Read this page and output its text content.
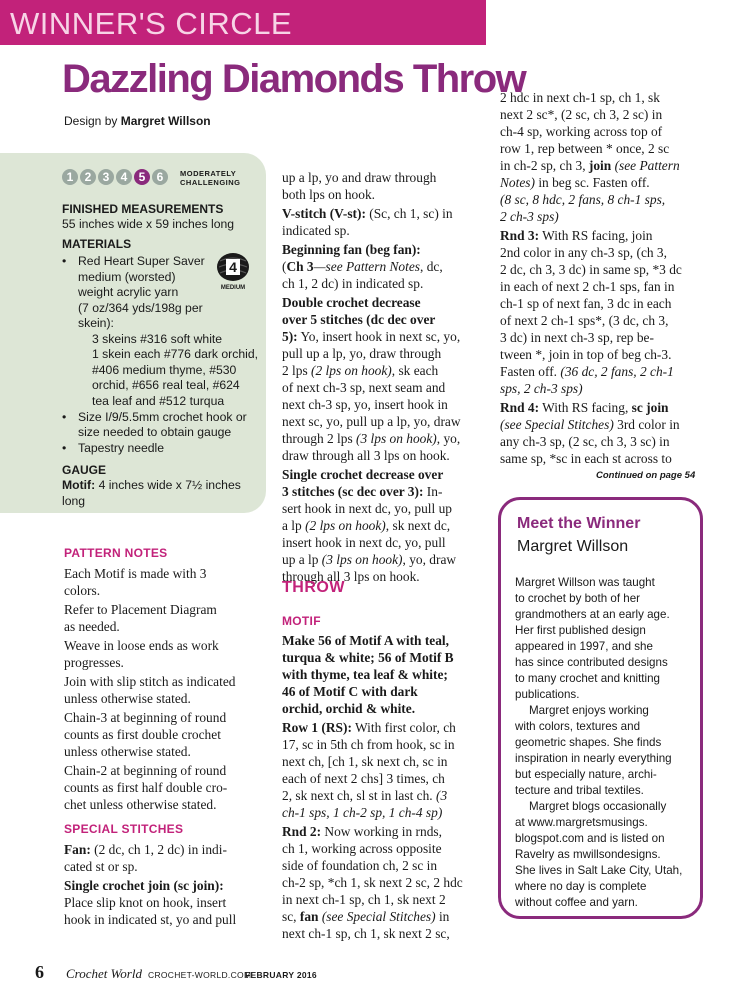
WINNER'S CIRCLE
Dazzling Diamonds Throw
Design by Margret Willson
1 2 3 4 5 6	MODERATELY
CHALLENGING
FINISHED MEASUREMENTS
55 inches wide x 59 inches long
MATERIALS
4
MEDIUM
• Red Heart Super Saver
medium (worsted)
weight acrylic yarn
(7 oz/364 yds/198g per
skein):
3 skeins #316 soft white
1 skein each #776 dark orchid,
#406 medium thyme, #530
orchid, #656 real teal, #624
tea leaf and #512 turqua
• Size I/9/5.5mm crochet hook or
size needed to obtain gauge
• Tapestry needle
GAUGE
Motif: 4 inches wide x 7½ inches
long
PATTERN NOTES
Each Motif is made with 3
colors.
Refer to Placement Diagram
as needed.
Weave in loose ends as work
progresses.
Join with slip stitch as indicated
unless otherwise stated.
Chain-3 at beginning of round
counts as first double crochet
unless otherwise stated.
Chain-2 at beginning of round
counts as first half double cro-
chet unless otherwise stated.
SPECIAL STITCHES
Fan: (2 dc, ch 1, 2 dc) in indi-
cated st or sp.
Single crochet join (sc join):
Place slip knot on hook, insert
hook in indicated st, yo and pull
up a lp, yo and draw through
both lps on hook.
V-stitch (V-st): (Sc, ch 1, sc) in
indicated sp.
Beginning fan (beg fan):
(Ch 3—see Pattern Notes, dc,
ch 1, 2 dc) in indicated sp.
Double crochet decrease
over 5 stitches (dc dec over
5): Yo, insert hook in next sc, yo,
pull up a lp, yo, draw through
2 lps (2 lps on hook), sk each
of next ch-3 sp, next seam and
next ch-3 sp, yo, insert hook in
next sc, yo, pull up a lp, yo, draw
through 2 lps (3 lps on hook), yo,
draw through all 3 lps on hook.
Single crochet decrease over
3 stitches (sc dec over 3): In-
sert hook in next dc, yo, pull up
a lp (2 lps on hook), sk next dc,
insert hook in next dc, yo, pull
up a lp (3 lps on hook), yo, draw
through all 3 lps on hook.
THROW
MOTIF
Make 56 of Motif A with teal,
turqua & white; 56 of Motif B
with thyme, tea leaf & white;
46 of Motif C with dark
orchid, orchid & white.
Row 1 (RS): With first color, ch
17, sc in 5th ch from hook, sc in
next ch, [ch 1, sk next ch, sc in
each of next 2 chs] 3 times, ch
2, sk next ch, sl st in last ch. (3
ch-1 sps, 1 ch-2 sp, 1 ch-4 sp)
Rnd 2: Now working in rnds,
ch 1, working across opposite
side of foundation ch, 2 sc in
ch-2 sp, *ch 1, sk next 2 sc, 2 hdc
in next ch-1 sp, ch 1, sk next 2
sc, fan (see Special Stitches) in
next ch-1 sp, ch 1, sk next 2 sc,
2 hdc in next ch-1 sp, ch 1, sk
next 2 sc*, (2 sc, ch 3, 2 sc) in
ch-4 sp, working across top of
row 1, rep between * once, 2 sc
in ch-2 sp, ch 3, join (see Pattern
Notes) in beg sc. Fasten off.
(8 sc, 8 hdc, 2 fans, 8 ch-1 sps,
2 ch-3 sps)
Rnd 3: With RS facing, join
2nd color in any ch-3 sp, (ch 3,
2 dc, ch 3, 3 dc) in same sp, *3 dc
in each of next 2 ch-1 sps, fan in
ch-1 sp of next fan, 3 dc in each
of next 2 ch-1 sps*, (3 dc, ch 3,
3 dc) in next ch-3 sp, rep be-
tween *, join in top of beg ch-3.
Fasten off. (36 dc, 2 fans, 2 ch-1
sps, 2 ch-3 sps)
Rnd 4: With RS facing, sc join
(see Special Stitches) 3rd color in
any ch-3 sp, (2 sc, ch 3, 3 sc) in
same sp, *sc in each st across to
Continued on page 54
Meet the Winner
Margret Willson
Margret Willson was taught
to crochet by both of her
grandmothers at an early age.
Her first published design
appeared in 1997, and she
has since contributed designs
to many crochet and knitting
publications.
Margret enjoys working
with colors, textures and
geometric shapes. She finds
inspiration in nearly everything
but especially nature, archi-
tecture and tribal textiles.
Margret blogs occasionally
at www.margretsmusings.
blogspot.com and is listed on
Ravelry as mwillsondesigns.
She lives in Salt Lake City, Utah,
where no day is complete
without coffee and yarn.
6 Crochet World CROCHET-WORLD.COM
FEBRUARY 2016
